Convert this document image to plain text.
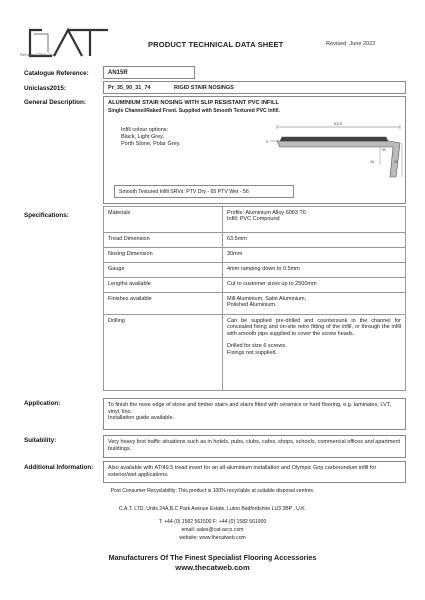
Part of the KOBRA Group
PRODUCT TECHNICAL DATA SHEET	Revised: June 2022
Catalogue Reference:	AN15R
Uniclass2015:	Pr_35_90_31_74	RIGID STAIR NOSINGS
General Description:	ALUMINIUM STAIR NOSING WITH SLIP RESISTANT PVC INFILL
Single Channel/Raked Front. Supplied with Smooth Textured PVC Infill.
Infill colour options:
Black, Light Grey,
Porth Stone, Polar Grey.
Smooth Textured Infill SRVs: PTV Dry - 65 PTV Wet - 56
63.5
4
30
26	30
Specifications:	Materials	Profile: Aluminium Alloy 6063 T6
Infill: PVC Compound

Tread Dimension	63.5mm
Nosing Dimension	30mm
Gauge	4mm ramping down to 0.5mm
Lengths available	Cut to customer sizes up to 2500mm
Finishes available	Mill Aluminium, Satin Aluminium,
Polished Aluminium.

Drilling	Can be supplied pre-drilled and countersunk in the channel for concealed fixing and on-site retro fitting of the infill, or through the infill with smooth pips supplied to cover the screw heads.
Drilled for size 6 screws.
Fixings not supplied.
Application:	To finish the nose edge of stone and timber stairs and stairs fitted with ceramics or hard flooring, e.g. laminates, LVT, vinyl, lino.
Installation guide available.
Suitability:	Very heavy foot traffic situations such as in hotels, pubs, clubs, cafes, shops, schools, commercial offices and apartment buildings.
Additional Information:	Also available with ATI49.5 tread insert for an all-aluminium installation and Olympic Grip carborundum infill for exterior/wet applications.
Post Consumer Recyclability: This product is 100% recyclable at suitable disposal centres.
C.A.T. LTD. Units 24A,B,C Park Avenue Estate, Luton Bedfordshire LU3 3BP . U.K.
T: +44 (0) 1582 561500 F: +44 (0) 1582 561900
email: sales@cat-accs.com
website: www.thecatweb.com
Manufacturers Of The Finest Specialist Flooring Accessories
www.thecatweb.com
